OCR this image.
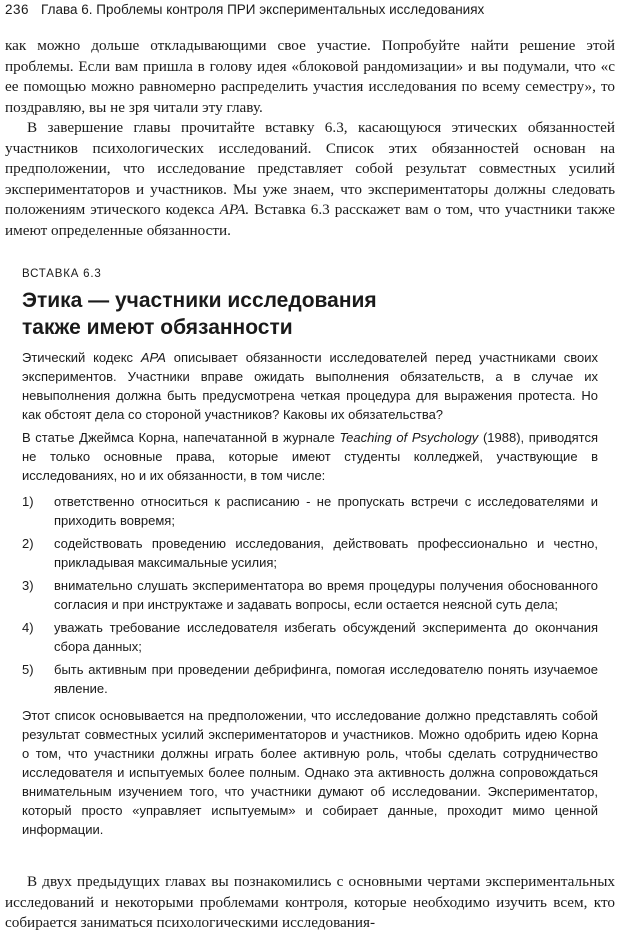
236 Глава 6. Проблемы контроля ПРИ экспериментальных исследованиях

как можно дольше откладывающими свое участие. Попробуйте найти решение этой проблемы. Если вам пришла в голову идея «блоковой рандомизации» и вы подумали, что «с ее помощью можно равномерно распределить участия исследования по всему семестру», то поздравляю, вы не зря читали эту главу.

В завершение главы прочитайте вставку 6.3, касающуюся этических обязанностей участников психологических исследований. Список этих обязанностей основан на предположении, что исследование представляет собой результат совместных усилий экспериментаторов и участников. Мы уже знаем, что экспериментаторы должны следовать положениям этического кодекса APA. Вставка 6.3 расскажет вам о том, что участники также имеют определенные обязанности.

ВСТАВКА 6.3
Этика — участники исследования
также имеют обязанности

Этический кодекс APA описывает обязанности исследователей перед участниками своих экспериментов. Участники вправе ожидать выполнения обязательств, а в случае их невыполнения должна быть предусмотрена четкая процедура для выражения протеста. Но как обстоят дела со стороной участников? Каковы их обязательства?

В статье Джеймса Корна, напечатанной в журнале Teaching of Psychology (1988), приводятся не только основные права, которые имеют студенты колледжей, участвующие в исследованиях, но и их обязанности, в том числе:

1)	ответственно относиться к расписанию - не пропускать встречи с исследователями и приходить вовремя;
2)	содействовать проведению исследования, действовать профессионально и честно, прикладывая максимальные усилия;
3)	внимательно слушать экспериментатора во время процедуры получения обоснованного согласия и при инструктаже и задавать вопросы, если остается неясной суть дела;
4)	уважать требование исследователя избегать обсуждений эксперимента до окончания сбора данных;
5)	быть активным при проведении дебрифинга, помогая исследователю понять изучаемое явление.

Этот список основывается на предположении, что исследование должно представлять собой результат совместных усилий экспериментаторов и участников. Можно одобрить идею Корна о том, что участники должны играть более активную роль, чтобы сделать сотрудничество исследователя и испытуемых более полным. Однако эта активность должна сопровождаться внимательным изучением того, что участники думают об исследовании. Экспериментатор, который просто «управляет испытуемым» и собирает данные, проходит мимо ценной информации.

В двух предыдущих главах вы познакомились с основными чертами экспериментальных исследований и некоторыми проблемами контроля, которые необходимо изучить всем, кто собирается заниматься психологическими исследования-
